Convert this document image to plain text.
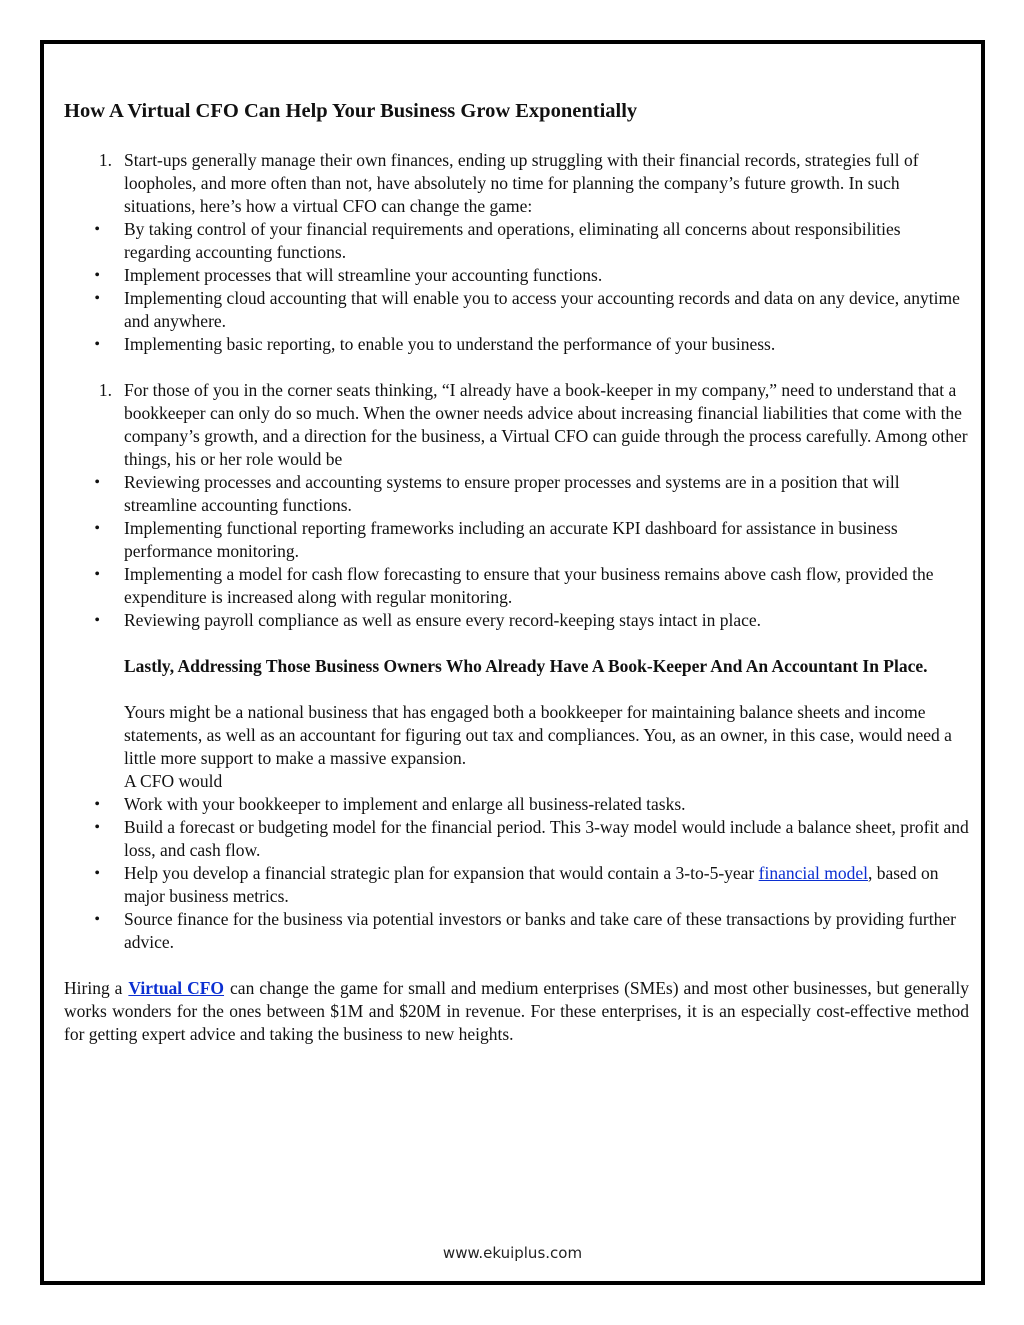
How A Virtual CFO Can Help Your Business Grow Exponentially
1. Start-ups generally manage their own finances, ending up struggling with their financial records, strategies full of loopholes, and more often than not, have absolutely no time for planning the company’s future growth. In such situations, here’s how a virtual CFO can change the game:
• By taking control of your financial requirements and operations, eliminating all concerns about responsibilities regarding accounting functions.
• Implement processes that will streamline your accounting functions.
• Implementing cloud accounting that will enable you to access your accounting records and data on any device, anytime and anywhere.
• Implementing basic reporting, to enable you to understand the performance of your business.
1. For those of you in the corner seats thinking, “I already have a book-keeper in my company,” need to understand that a bookkeeper can only do so much. When the owner needs advice about increasing financial liabilities that come with the company’s growth, and a direction for the business, a Virtual CFO can guide through the process carefully. Among other things, his or her role would be
• Reviewing processes and accounting systems to ensure proper processes and systems are in a position that will streamline accounting functions.
• Implementing functional reporting frameworks including an accurate KPI dashboard for assistance in business performance monitoring.
• Implementing a model for cash flow forecasting to ensure that your business remains above cash flow, provided the expenditure is increased along with regular monitoring.
• Reviewing payroll compliance as well as ensure every record-keeping stays intact in place.
Lastly, Addressing Those Business Owners Who Already Have A Book-Keeper And An Accountant In Place.
Yours might be a national business that has engaged both a bookkeeper for maintaining balance sheets and income statements, as well as an accountant for figuring out tax and compliances. You, as an owner, in this case, would need a little more support to make a massive expansion.
A CFO would
• Work with your bookkeeper to implement and enlarge all business-related tasks.
• Build a forecast or budgeting model for the financial period. This 3-way model would include a balance sheet, profit and loss, and cash flow.
• Help you develop a financial strategic plan for expansion that would contain a 3-to-5-year financial model, based on major business metrics.
• Source finance for the business via potential investors or banks and take care of these transactions by providing further advice.
Hiring a Virtual CFO can change the game for small and medium enterprises (SMEs) and most other businesses, but generally works wonders for the ones between $1M and $20M in revenue. For these enterprises, it is an especially cost-effective method for getting expert advice and taking the business to new heights.
www.ekuiplus.com
